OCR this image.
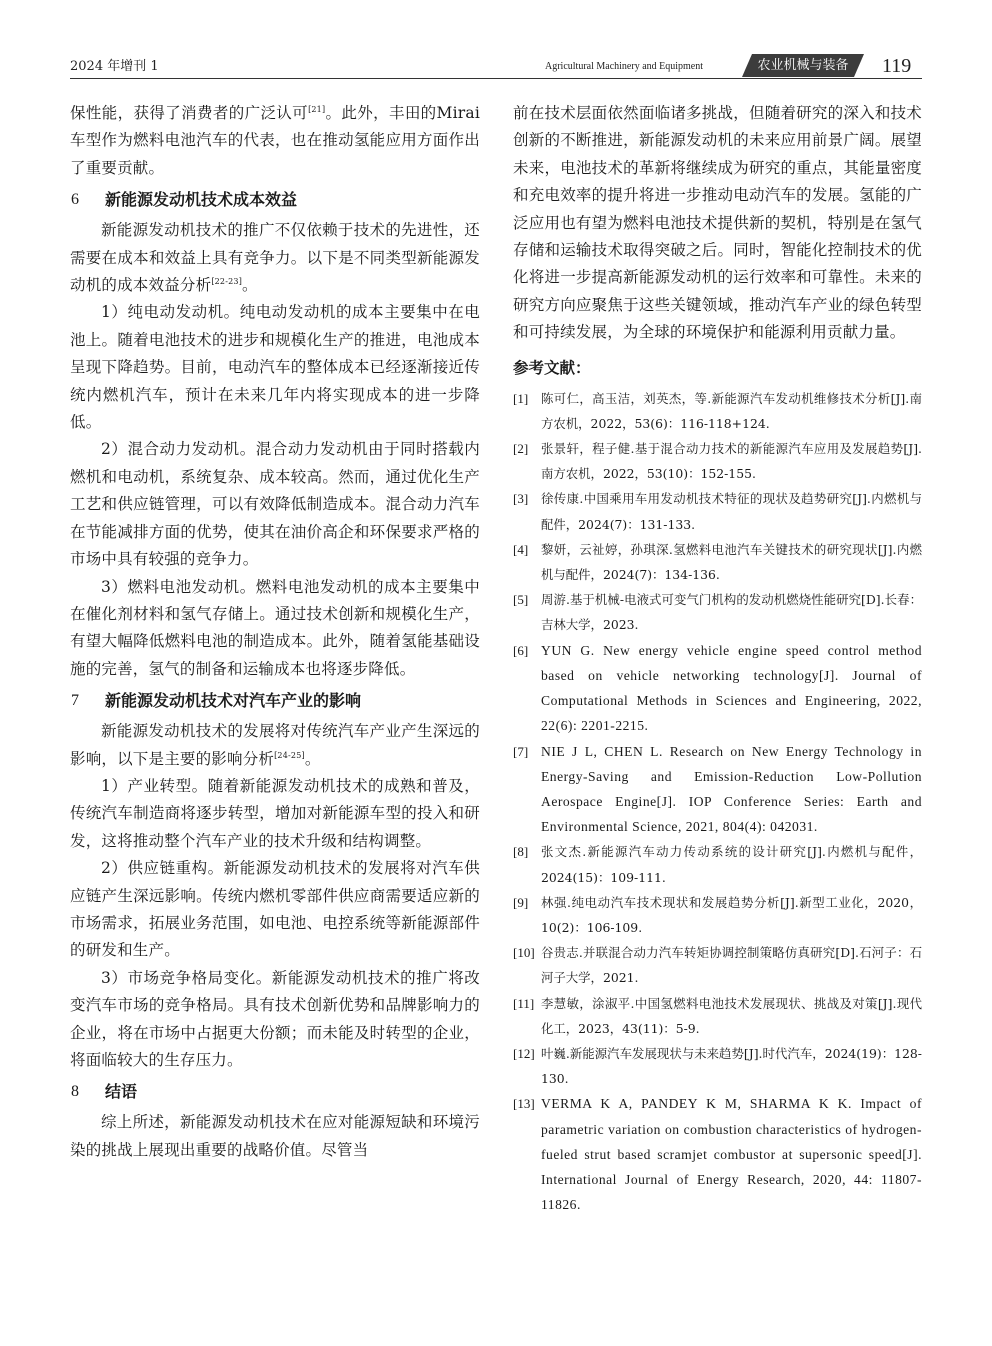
2024 年增刊 1	Agricultural Machinery and Equipment	农业机械与装备	119

保性能，获得了消费者的广泛认可[21]。此外，丰田的Mirai车型作为燃料电池汽车的代表，也在推动氢能应用方面作出了重要贡献。

6 新能源发动机技术成本效益

新能源发动机技术的推广不仅依赖于技术的先进性，还需要在成本和效益上具有竞争力。以下是不同类型新能源发动机的成本效益分析[22-23]。

1）纯电动发动机。纯电动发动机的成本主要集中在电池上。随着电池技术的进步和规模化生产的推进，电池成本呈现下降趋势。目前，电动汽车的整体成本已经逐渐接近传统内燃机汽车，预计在未来几年内将实现成本的进一步降低。

2）混合动力发动机。混合动力发动机由于同时搭载内燃机和电动机，系统复杂、成本较高。然而，通过优化生产工艺和供应链管理，可以有效降低制造成本。混合动力汽车在节能减排方面的优势，使其在油价高企和环保要求严格的市场中具有较强的竞争力。

3）燃料电池发动机。燃料电池发动机的成本主要集中在催化剂材料和氢气存储上。通过技术创新和规模化生产，有望大幅降低燃料电池的制造成本。此外，随着氢能基础设施的完善，氢气的制备和运输成本也将逐步降低。

7 新能源发动机技术对汽车产业的影响

新能源发动机技术的发展将对传统汽车产业产生深远的影响，以下是主要的影响分析[24-25]。

1）产业转型。随着新能源发动机技术的成熟和普及，传统汽车制造商将逐步转型，增加对新能源车型的投入和研发，这将推动整个汽车产业的技术升级和结构调整。

2）供应链重构。新能源发动机技术的发展将对汽车供应链产生深远影响。传统内燃机零部件供应商需要适应新的市场需求，拓展业务范围，如电池、电控系统等新能源部件的研发和生产。

3）市场竞争格局变化。新能源发动机技术的推广将改变汽车市场的竞争格局。具有技术创新优势和品牌影响力的企业，将在市场中占据更大份额；而未能及时转型的企业，将面临较大的生存压力。

8 结语

综上所述，新能源发动机技术在应对能源短缺和环境污染的挑战上展现出重要的战略价值。尽管当

前在技术层面依然面临诸多挑战，但随着研究的深入和技术创新的不断推进，新能源发动机的未来应用前景广阔。展望未来，电池技术的革新将继续成为研究的重点，其能量密度和充电效率的提升将进一步推动电动汽车的发展。氢能的广泛应用也有望为燃料电池技术提供新的契机，特别是在氢气存储和运输技术取得突破之后。同时，智能化控制技术的优化将进一步提高新能源发动机的运行效率和可靠性。未来的研究方向应聚焦于这些关键领域，推动汽车产业的绿色转型和可持续发展，为全球的环境保护和能源利用贡献力量。

参考文献：

[1] 陈可仁，高玉洁，刘英杰，等.新能源汽车发动机维修技术分析[J].南方农机，2022，53(6)：116-118+124.

[2] 张景轩，程子健.基于混合动力技术的新能源汽车应用及发展趋势[J].南方农机，2022，53(10)：152-155.

[3] 徐传康.中国乘用车用发动机技术特征的现状及趋势研究[J].内燃机与配件，2024(7)：131-133.

[4] 黎妍，云祉婷，孙琪深.氢燃料电池汽车关键技术的研究现状[J].内燃机与配件，2024(7)：134-136.

[5] 周游.基于机械-电液式可变气门机构的发动机燃烧性能研究[D].长春：吉林大学，2023.

[6] YUN G. New energy vehicle engine speed control method based on vehicle networking technology[J]. Journal of Computational Methods in Sciences and Engineering, 2022, 22(6): 2201-2215.

[7] NIE J L, CHEN L. Research on New Energy Technology in Energy-Saving and Emission-Reduction Low-Pollution Aerospace Engine[J]. IOP Conference Series: Earth and Environmental Science, 2021, 804(4): 042031.

[8] 张文杰.新能源汽车动力传动系统的设计研究[J].内燃机与配件，2024(15)：109-111.

[9] 林强.纯电动汽车技术现状和发展趋势分析[J].新型工业化，2020，10(2)：106-109.

[10] 谷贵志.并联混合动力汽车转矩协调控制策略仿真研究[D].石河子：石河子大学，2021.

[11] 李慧敏，涂淑平.中国氢燃料电池技术发展现状、挑战及对策[J].现代化工，2023，43(11)：5-9.

[12] 叶巍.新能源汽车发展现状与未来趋势[J].时代汽车，2024(19)：128-130.

[13] VERMA K A, PANDEY K M, SHARMA K K. Impact of parametric variation on combustion characteristics of hydrogen-fueled strut based scramjet combustor at supersonic speed[J]. International Journal of Energy Research, 2020, 44: 11807-11826.
